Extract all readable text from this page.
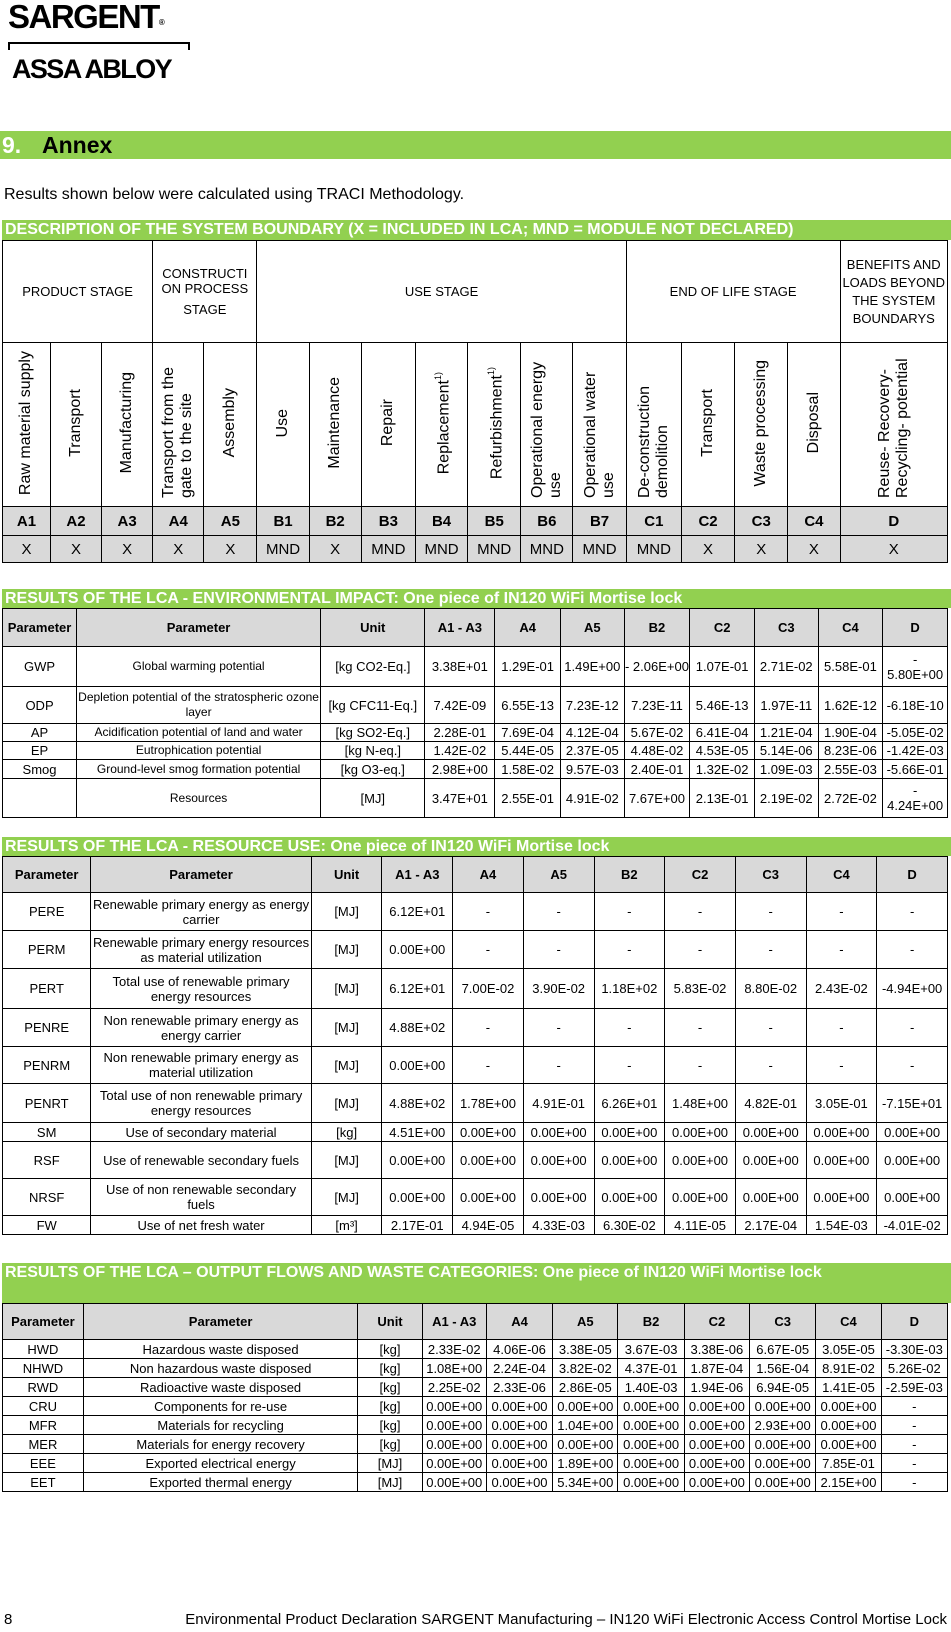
SARGENT®
ASSA ABLOY
9. Annex
Results shown below were calculated using TRACI Methodology.
DESCRIPTION OF THE SYSTEM BOUNDARY (X = INCLUDED IN LCA; MND = MODULE NOT DECLARED)
PRODUCT STAGE			CONSTRUCTI ON PROCESS
STAGE		USE STAGE							END OF LIFE STAGE				BENEFITS AND LOADS BEYOND THE SYSTEM BOUNDARYS
Raw material supply	Transport	Manufacturing	Transport from the gate to the site	Assembly	Use	Maintenance	Repair	Replacement$^{1)}$	Refurbishment$^{1)}$	Operational energy use	Operational water use	De-construction demolition	Transport	Waste processing	Disposal	Reuse- Recovery- Recycling- potential
A1	A2	A3	A4	A5	B1	B2	B3	B4	B5	B6	B7	C1	C2	C3	C4	D
X	X	X	X	X	MND	X	MND	MND	MND	MND	MND	MND	X	X	X	X
RESULTS OF THE LCA - ENVIRONMENTAL IMPACT: One piece of IN120 WiFi Mortise lock
Parameter	Parameter	Unit	A1 - A3	A4	A5	B2	C2	C3	C4	D
GWP	Global warming potential	[kg CO2-Eq.]	3.38E+01	1.29E-01	1.49E+00	- 2.06E+00	1.07E-01	2.71E-02	5.58E-01	- 5.80E+00
ODP	Depletion potential of the stratospheric ozone layer	[kg CFC11-Eq.]	7.42E-09	6.55E-13	7.23E-12	7.23E-11	5.46E-13	1.97E-11	1.62E-12	-6.18E-10
AP	Acidification potential of land and water	[kg SO2-Eq.]	2.28E-01	7.69E-04	4.12E-04	5.67E-02	6.41E-04	1.21E-04	1.90E-04	-5.05E-02
EP	Eutrophication potential	[kg N-eq.]	1.42E-02	5.44E-05	2.37E-05	4.48E-02	4.53E-05	5.14E-06	8.23E-06	-1.42E-03
Smog	Ground-level smog formation potential	[kg O3-eq.]	2.98E+00	1.58E-02	9.57E-03	2.40E-01	1.32E-02	1.09E-03	2.55E-03	-5.66E-01
	Resources	[MJ]	3.47E+01	2.55E-01	4.91E-02	7.67E+00	2.13E-01	2.19E-02	2.72E-02	- 4.24E+00
RESULTS OF THE LCA - RESOURCE USE: One piece of IN120 WiFi Mortise lock
Parameter	Parameter	Unit	A1 - A3	A4	A5	B2	C2	C3	C4	D
PERE	Renewable primary energy as energy carrier	[MJ]	6.12E+01	-	-	-	-	-	-	-
PERM	Renewable primary energy resources as material utilization	[MJ]	0.00E+00	-	-	-	-	-	-	-
PERT	Total use of renewable primary energy resources	[MJ]	6.12E+01	7.00E-02	3.90E-02	1.18E+02	5.83E-02	8.80E-02	2.43E-02	-4.94E+00
PENRE	Non renewable primary energy as energy carrier	[MJ]	4.88E+02	-	-	-	-	-	-	-
PENRM	Non renewable primary energy as material utilization	[MJ]	0.00E+00	-	-	-	-	-	-	-
PENRT	Total use of non renewable primary energy resources	[MJ]	4.88E+02	1.78E+00	4.91E-01	6.26E+01	1.48E+00	4.82E-01	3.05E-01	-7.15E+01
SM	Use of secondary material	[kg]	4.51E+00	0.00E+00	0.00E+00	0.00E+00	0.00E+00	0.00E+00	0.00E+00	0.00E+00
RSF	Use of renewable secondary fuels	[MJ]	0.00E+00	0.00E+00	0.00E+00	0.00E+00	0.00E+00	0.00E+00	0.00E+00	0.00E+00
NRSF	Use of non renewable secondary fuels	[MJ]	0.00E+00	0.00E+00	0.00E+00	0.00E+00	0.00E+00	0.00E+00	0.00E+00	0.00E+00
FW	Use of net fresh water	[m³]	2.17E-01	4.94E-05	4.33E-03	6.30E-02	4.11E-05	2.17E-04	1.54E-03	-4.01E-02
RESULTS OF THE LCA – OUTPUT FLOWS AND WASTE CATEGORIES: One piece of IN120 WiFi Mortise lock
Parameter	Parameter	Unit	A1 - A3	A4	A5	B2	C2	C3	C4	D
HWD	Hazardous waste disposed	[kg]	2.33E-02	4.06E-06	3.38E-05	3.67E-03	3.38E-06	6.67E-05	3.05E-05	-3.30E-03
NHWD	Non hazardous waste disposed	[kg]	1.08E+00	2.24E-04	3.82E-02	4.37E-01	1.87E-04	1.56E-04	8.91E-02	5.26E-02
RWD	Radioactive waste disposed	[kg]	2.25E-02	2.33E-06	2.86E-05	1.40E-03	1.94E-06	6.94E-05	1.41E-05	-2.59E-03
CRU	Components for re-use	[kg]	0.00E+00	0.00E+00	0.00E+00	0.00E+00	0.00E+00	0.00E+00	0.00E+00	-
MFR	Materials for recycling	[kg]	0.00E+00	0.00E+00	1.04E+00	0.00E+00	0.00E+00	2.93E+00	0.00E+00	-
MER	Materials for energy recovery	[kg]	0.00E+00	0.00E+00	0.00E+00	0.00E+00	0.00E+00	0.00E+00	0.00E+00	-
EEE	Exported electrical energy	[MJ]	0.00E+00	0.00E+00	1.89E+00	0.00E+00	0.00E+00	0.00E+00	7.85E-01	-
EET	Exported thermal energy	[MJ]	0.00E+00	0.00E+00	5.34E+00	0.00E+00	0.00E+00	0.00E+00	2.15E+00	-
8	Environmental Product Declaration SARGENT Manufacturing – IN120 WiFi Electronic Access Control Mortise Lock
